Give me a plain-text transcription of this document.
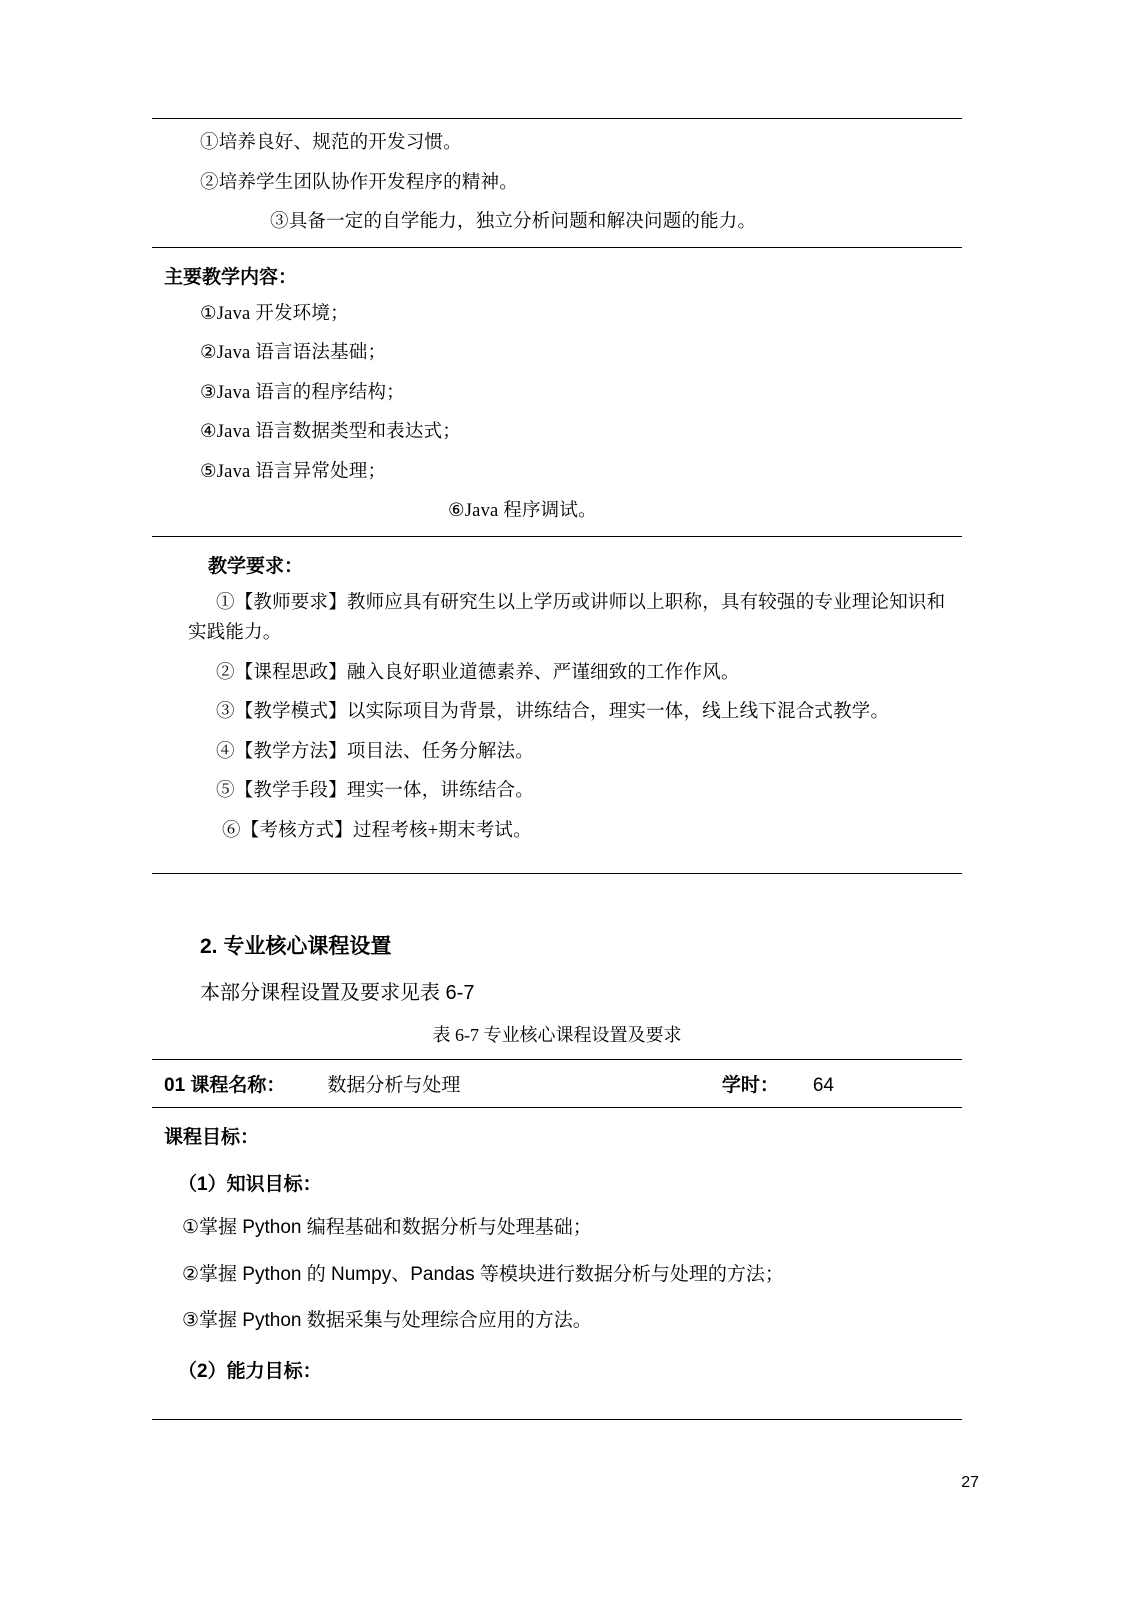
①培养良好、规范的开发习惯。
②培养学生团队协作开发程序的精神。
③具备一定的自学能力，独立分析问题和解决问题的能力。
主要教学内容：
①Java 开发环境；
②Java 语言语法基础；
③Java 语言的程序结构；
④Java 语言数据类型和表达式；
⑤Java 语言异常处理；
⑥Java 程序调试。
教学要求：
①【教师要求】教师应具有研究生以上学历或讲师以上职称，具有较强的专业理论知识和实践能力。
②【课程思政】融入良好职业道德素养、严谨细致的工作作风。
③【教学模式】以实际项目为背景，讲练结合，理实一体，线上线下混合式教学。
④【教学方法】项目法、任务分解法。
⑤【教学手段】理实一体，讲练结合。
⑥【考核方式】过程考核+期末考试。
2. 专业核心课程设置
本部分课程设置及要求见表 6-7
表 6-7 专业核心课程设置及要求
01 课程名称：	数据分析与处理	学时：	64
课程目标：
（1）知识目标：
①掌握 Python 编程基础和数据分析与处理基础；
②掌握 Python 的 Numpy、Pandas 等模块进行数据分析与处理的方法；
③掌握 Python 数据采集与处理综合应用的方法。
（2）能力目标：
27
